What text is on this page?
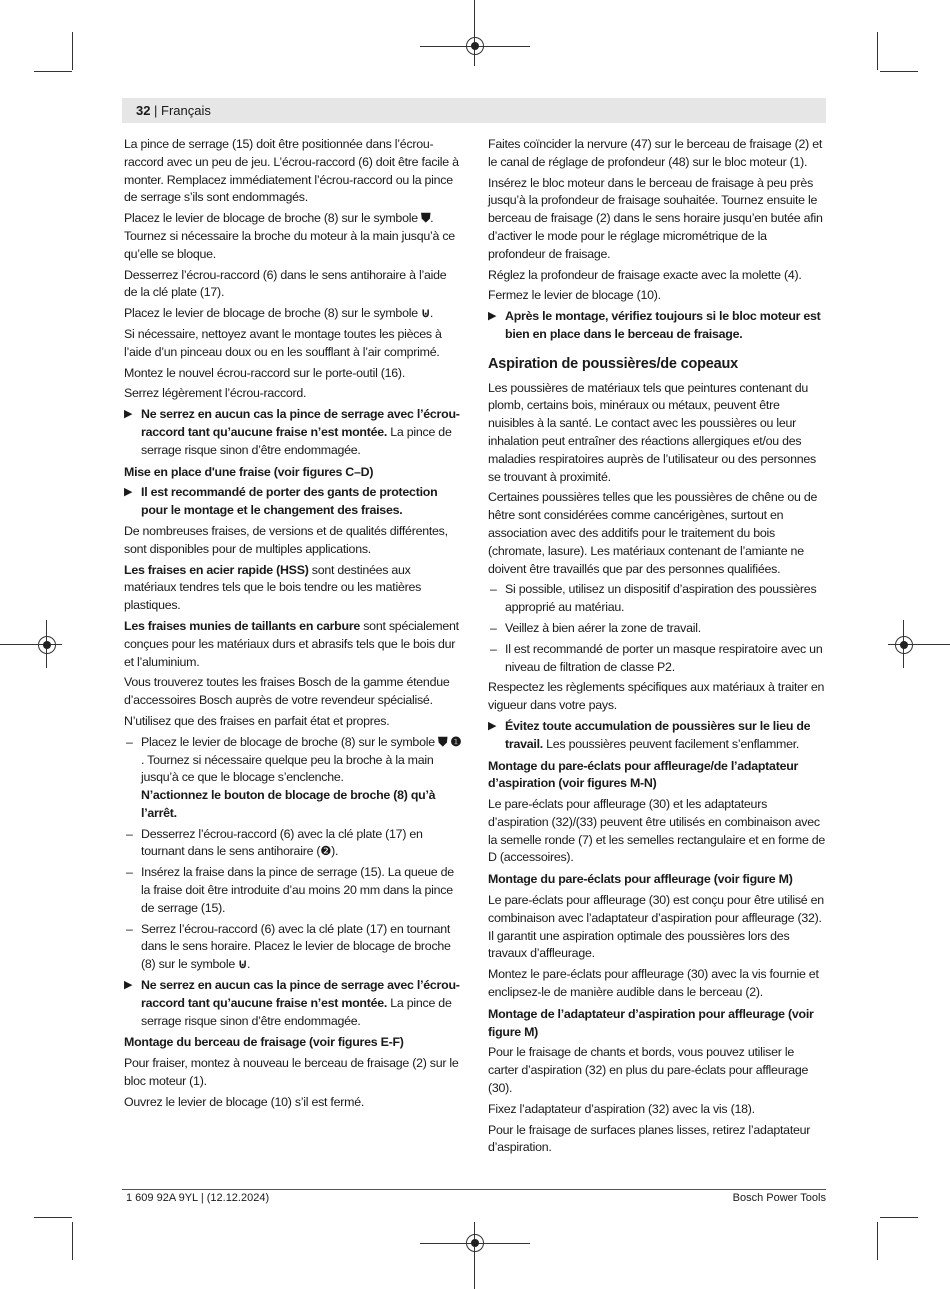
32 | Français

La pince de serrage (15) doit être positionnée dans l’écrou-raccord avec un peu de jeu. L’écrou-raccord (6) doit être facile à monter. Remplacez immédiatement l’écrou-raccord ou la pince de serrage s’ils sont endommagés.

Placez le levier de blocage de broche (8) sur le symbole ⛊. Tournez si nécessaire la broche du moteur à la main jusqu’à ce qu’elle se bloque.

Desserrez l’écrou-raccord (6) dans le sens antihoraire à l’aide de la clé plate (17).

Placez le levier de blocage de broche (8) sur le symbole ⊍.

Si nécessaire, nettoyez avant le montage toutes les pièces à l’aide d’un pinceau doux ou en les soufflant à l’air comprimé.

Montez le nouvel écrou-raccord sur le porte-outil (16).

Serrez légèrement l’écrou-raccord.

▶ Ne serrez en aucun cas la pince de serrage avec l’écrou-raccord tant qu’aucune fraise n’est montée. La pince de serrage risque sinon d’être endommagée.

Mise en place d'une fraise (voir figures C–D)

▶ Il est recommandé de porter des gants de protection pour le montage et le changement des fraises.

De nombreuses fraises, de versions et de qualités différentes, sont disponibles pour de multiples applications.

Les fraises en acier rapide (HSS) sont destinées aux matériaux tendres tels que le bois tendre ou les matières plastiques.

Les fraises munies de taillants en carbure sont spécialement conçues pour les matériaux durs et abrasifs tels que le bois dur et l’aluminium.

Vous trouverez toutes les fraises Bosch de la gamme étendue d’accessoires Bosch auprès de votre revendeur spécialisé.

N’utilisez que des fraises en parfait état et propres.

– Placez le levier de blocage de broche (8) sur le symbole ⛊ ❶. Tournez si nécessaire quelque peu la broche à la main jusqu’à ce que le blocage s’enclenche.
N’actionnez le bouton de blocage de broche (8) qu’à l’arrêt.
– Desserrez l’écrou-raccord (6) avec la clé plate (17) en tournant dans le sens antihoraire (❷).
– Insérez la fraise dans la pince de serrage (15). La queue de la fraise doit être introduite d’au moins 20 mm dans la pince de serrage (15).
– Serrez l’écrou-raccord (6) avec la clé plate (17) en tournant dans le sens horaire. Placez le levier de blocage de broche (8) sur le symbole ⊍.
▶ Ne serrez en aucun cas la pince de serrage avec l’écrou-raccord tant qu’aucune fraise n’est montée. La pince de serrage risque sinon d’être endommagée.

Montage du berceau de fraisage (voir figures E-F)

Pour fraiser, montez à nouveau le berceau de fraisage (2) sur le bloc moteur (1).

Ouvrez le levier de blocage (10) s’il est fermé.

Faites coïncider la nervure (47) sur le berceau de fraisage (2) et le canal de réglage de profondeur (48) sur le bloc moteur (1).

Insérez le bloc moteur dans le berceau de fraisage à peu près jusqu’à la profondeur de fraisage souhaitée. Tournez ensuite le berceau de fraisage (2) dans le sens horaire jusqu’en butée afin d’activer le mode pour le réglage micrométrique de la profondeur de fraisage.

Réglez la profondeur de fraisage exacte avec la molette (4).

Fermez le levier de blocage (10).

▶ Après le montage, vérifiez toujours si le bloc moteur est bien en place dans le berceau de fraisage.

Aspiration de poussières/de copeaux

Les poussières de matériaux tels que peintures contenant du plomb, certains bois, minéraux ou métaux, peuvent être nuisibles à la santé. Le contact avec les poussières ou leur inhalation peut entraîner des réactions allergiques et/ou des maladies respiratoires auprès de l’utilisateur ou des personnes se trouvant à proximité.

Certaines poussières telles que les poussières de chêne ou de hêtre sont considérées comme cancérigènes, surtout en association avec des additifs pour le traitement du bois (chromate, lasure). Les matériaux contenant de l’amiante ne doivent être travaillés que par des personnes qualifiées.

– Si possible, utilisez un dispositif d’aspiration des poussières approprié au matériau.
– Veillez à bien aérer la zone de travail.
– Il est recommandé de porter un masque respiratoire avec un niveau de filtration de classe P2.

Respectez les règlements spécifiques aux matériaux à traiter en vigueur dans votre pays.

▶ Évitez toute accumulation de poussières sur le lieu de travail. Les poussières peuvent facilement s’enflammer.

Montage du pare-éclats pour affleurage/de l’adaptateur d’aspiration (voir figures M-N)

Le pare-éclats pour affleurage (30) et les adaptateurs d’aspiration (32)/(33) peuvent être utilisés en combinaison avec la semelle ronde (7) et les semelles rectangulaire et en forme de D (accessoires).

Montage du pare-éclats pour affleurage (voir figure M)

Le pare-éclats pour affleurage (30) est conçu pour être utilisé en combinaison avec l’adaptateur d’aspiration pour affleurage (32). Il garantit une aspiration optimale des poussières lors des travaux d’affleurage.

Montez le pare-éclats pour affleurage (30) avec la vis fournie et enclipsez-le de manière audible dans le berceau (2).

Montage de l’adaptateur d’aspiration pour affleurage (voir figure M)

Pour le fraisage de chants et bords, vous pouvez utiliser le carter d’aspiration (32) en plus du pare-éclats pour affleurage (30).

Fixez l’adaptateur d’aspiration (32) avec la vis (18).

Pour le fraisage de surfaces planes lisses, retirez l’adaptateur d’aspiration.

1 609 92A 9YL | (12.12.2024)	Bosch Power Tools
